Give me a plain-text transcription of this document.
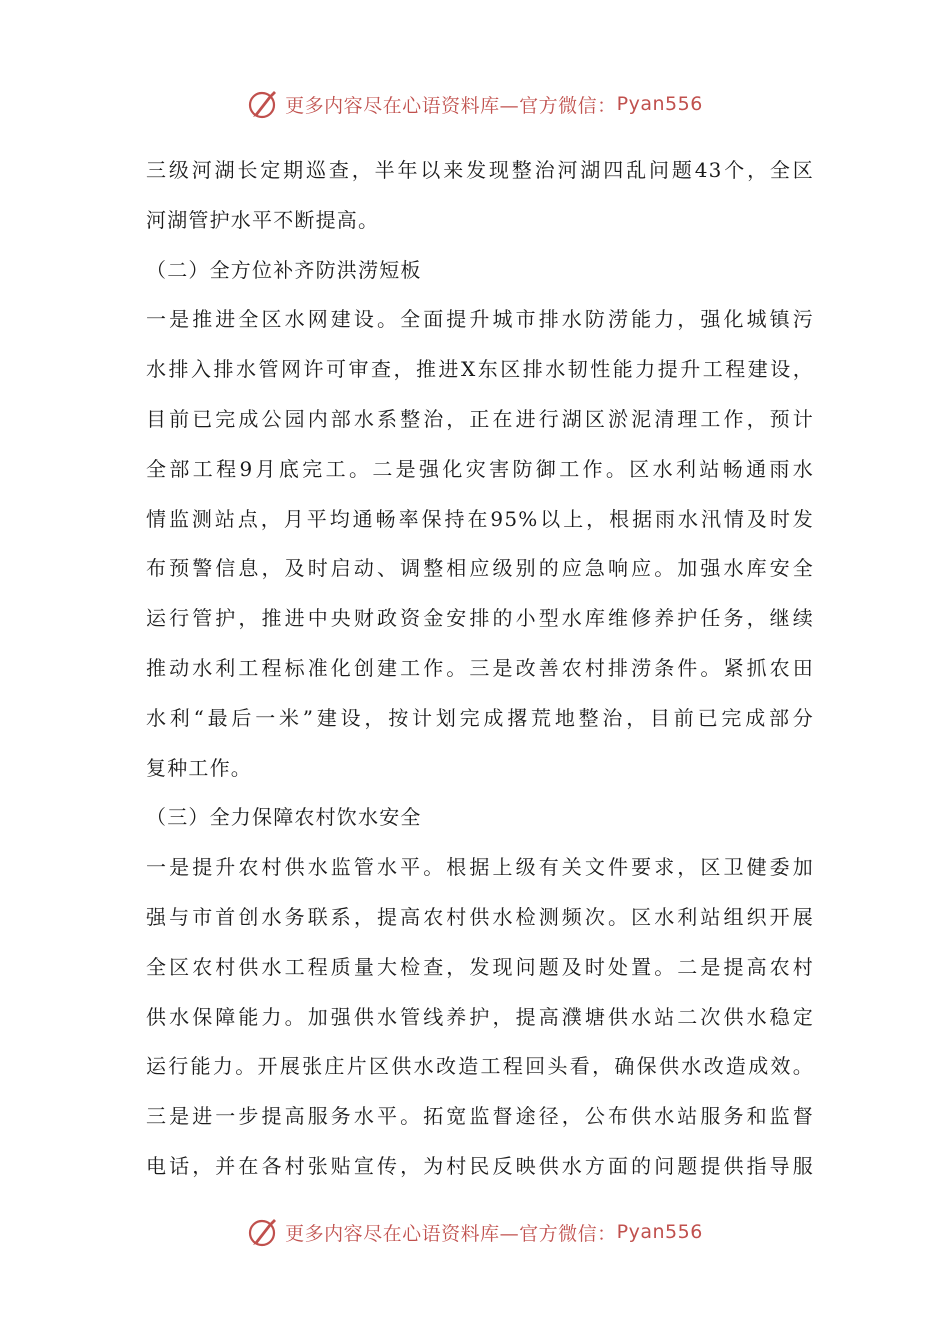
更多内容尽在心语资料库—官方微信： Pyan556
三级河湖长定期巡查，半年以来发现整治河湖四乱问题43个，全区
河湖管护水平不断提高。
（二）全方位补齐防洪涝短板
一是推进全区水网建设。全面提升城市排水防涝能力，强化城镇污
水排入排水管网许可审查，推进X东区排水韧性能力提升工程建设，
目前已完成公园内部水系整治，正在进行湖区淤泥清理工作，预计
全部工程9月底完工。二是强化灾害防御工作。区水利站畅通雨水
情监测站点，月平均通畅率保持在95%以上，根据雨水汛情及时发
布预警信息，及时启动、调整相应级别的应急响应。加强水库安全
运行管护，推进中央财政资金安排的小型水库维修养护任务，继续
推动水利工程标准化创建工作。三是改善农村排涝条件。紧抓农田
水利“最后一米”建设，按计划完成撂荒地整治，目前已完成部分
复种工作。
（三）全力保障农村饮水安全
一是提升农村供水监管水平。根据上级有关文件要求，区卫健委加
强与市首创水务联系，提高农村供水检测频次。区水利站组织开展
全区农村供水工程质量大检查，发现问题及时处置。二是提高农村
供水保障能力。加强供水管线养护，提高濮塘供水站二次供水稳定
运行能力。开展张庄片区供水改造工程回头看，确保供水改造成效。
三是进一步提高服务水平。拓宽监督途径，公布供水站服务和监督
电话，并在各村张贴宣传，为村民反映供水方面的问题提供指导服
更多内容尽在心语资料库—官方微信： Pyan556
